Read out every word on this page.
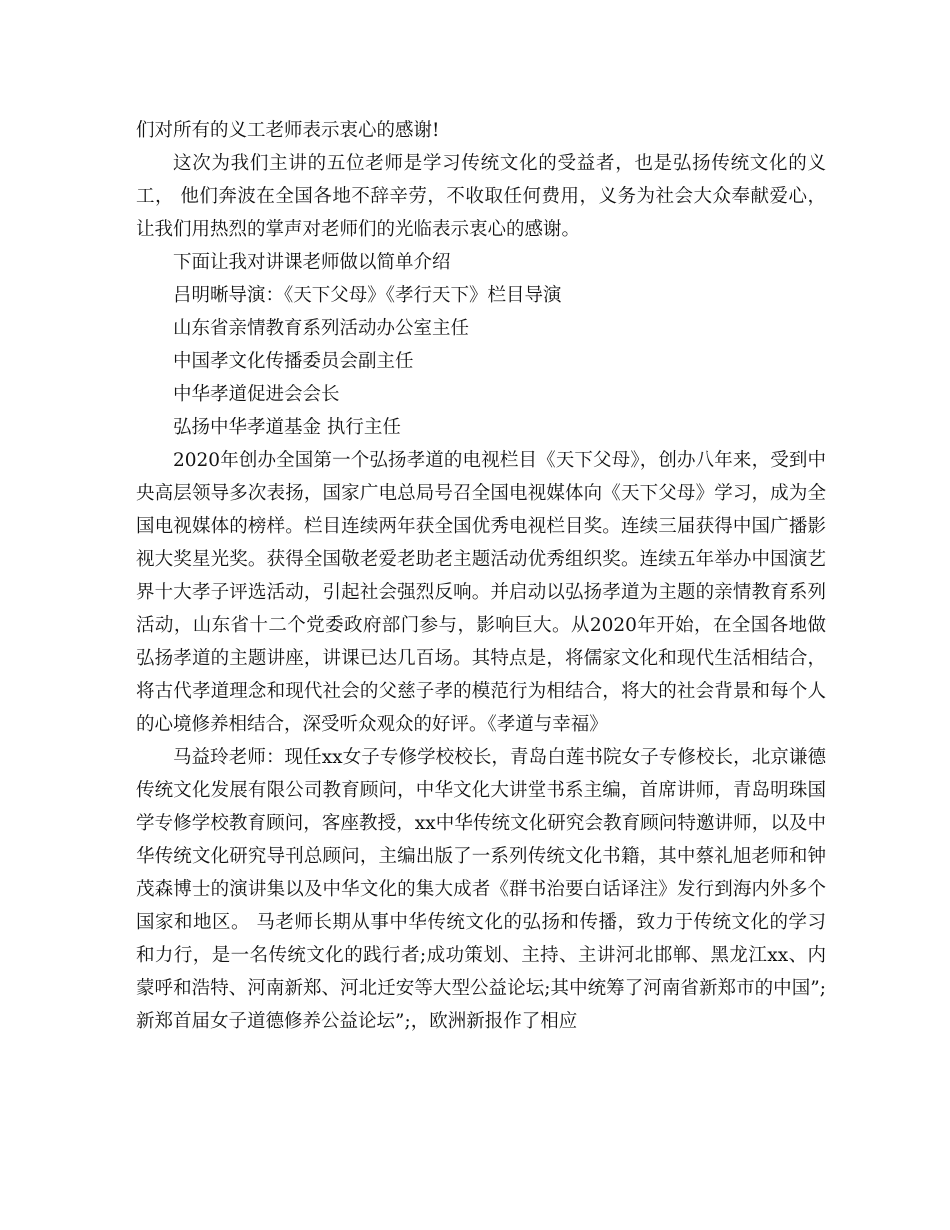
们对所有的义工老师表示衷心的感谢!

这次为我们主讲的五位老师是学习传统文化的受益者，也是弘扬传统文化的义工， 他们奔波在全国各地不辞辛劳，不收取任何费用，义务为社会大众奉献爱心，让我们用热烈的掌声对老师们的光临表示衷心的感谢。

下面让我对讲课老师做以简单介绍

吕明晰导演：《天下父母》《孝行天下》栏目导演

山东省亲情教育系列活动办公室主任

中国孝文化传播委员会副主任

中华孝道促进会会长

弘扬中华孝道基金 执行主任

2020年创办全国第一个弘扬孝道的电视栏目《天下父母》，创办八年来，受到中央高层领导多次表扬，国家广电总局号召全国电视媒体向《天下父母》学习，成为全国电视媒体的榜样。栏目连续两年获全国优秀电视栏目奖。连续三届获得中国广播影视大奖星光奖。获得全国敬老爱老助老主题活动优秀组织奖。连续五年举办中国演艺界十大孝子评选活动，引起社会强烈反响。并启动以弘扬孝道为主题的亲情教育系列活动，山东省十二个党委政府部门参与，影响巨大。从2020年开始，在全国各地做弘扬孝道的主题讲座，讲课已达几百场。其特点是，将儒家文化和现代生活相结合，将古代孝道理念和现代社会的父慈子孝的模范行为相结合，将大的社会背景和每个人的心境修养相结合，深受听众观众的好评。《孝道与幸福》

马益玲老师：现任xx女子专修学校校长，青岛白莲书院女子专修校长，北京谦德传统文化发展有限公司教育顾问，中华文化大讲堂书系主编，首席讲师，青岛明珠国学专修学校教育顾问，客座教授，xx中华传统文化研究会教育顾问特邀讲师，以及中华传统文化研究导刊总顾问，主编出版了一系列传统文化书籍，其中蔡礼旭老师和钟茂森博士的演讲集以及中华文化的集大成者《群书治要白话译注》发行到海内外多个国家和地区。 马老师长期从事中华传统文化的弘扬和传播，致力于传统文化的学习和力行，是一名传统文化的践行者;成功策划、主持、主讲河北邯郸、黑龙江xx、内蒙呼和浩特、河南新郑、河北迁安等大型公益论坛;其中统筹了河南省新郑市的中国”;新郑首届女子道德修养公益论坛”;，欧洲新报作了相应
